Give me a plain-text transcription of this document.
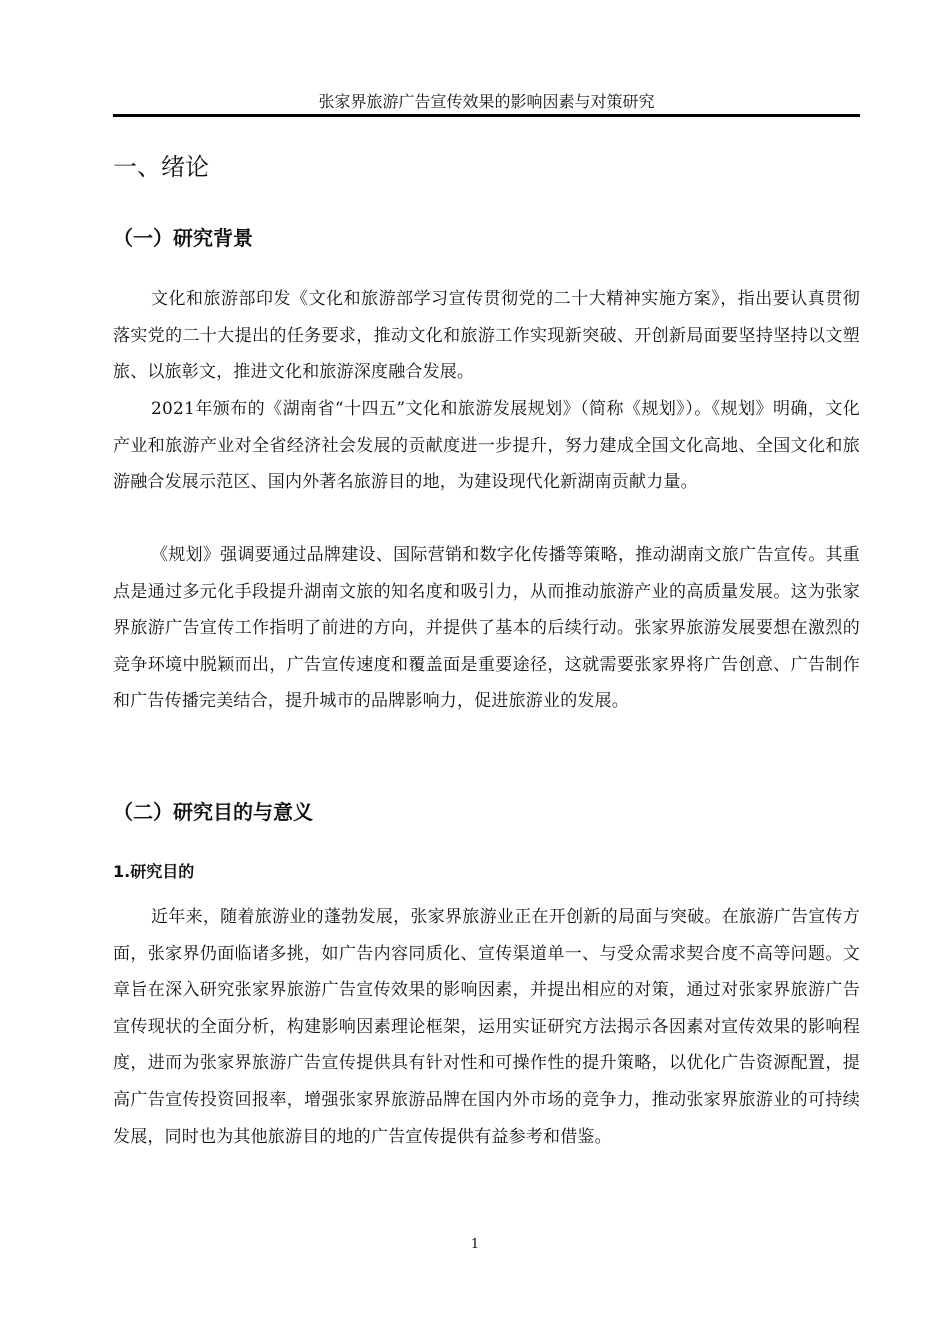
张家界旅游广告宣传效果的影响因素与对策研究
一、绪论
（一）研究背景

文化和旅游部印发《文化和旅游部学习宣传贯彻党的二十大精神实施方案》，指出要认真贯彻落实党的二十大提出的任务要求，推动文化和旅游工作实现新突破、开创新局面要坚持坚持以文塑旅、以旅彰文，推进文化和旅游深度融合发展。

2021年颁布的《湖南省“十四五”文化和旅游发展规划》（简称《规划》）。《规划》明确，文化产业和旅游产业对全省经济社会发展的贡献度进一步提升，努力建成全国文化高地、全国文化和旅游融合发展示范区、国内外著名旅游目的地，为建设现代化新湖南贡献力量。

《规划》强调要通过品牌建设、国际营销和数字化传播等策略，推动湖南文旅广告宣传。其重点是通过多元化手段提升湖南文旅的知名度和吸引力，从而推动旅游产业的高质量发展。这为张家界旅游广告宣传工作指明了前进的方向，并提供了基本的后续行动。张家界旅游发展要想在激烈的竞争环境中脱颖而出，广告宣传速度和覆盖面是重要途径，这就需要张家界将广告创意、广告制作和广告传播完美结合，提升城市的品牌影响力，促进旅游业的发展。

（二）研究目的与意义
1.研究目的

近年来，随着旅游业的蓬勃发展，张家界旅游业正在开创新的局面与突破。在旅游广告宣传方面，张家界仍面临诸多挑，如广告内容同质化、宣传渠道单一、与受众需求契合度不高等问题。文章旨在深入研究张家界旅游广告宣传效果的影响因素，并提出相应的对策，通过对张家界旅游广告宣传现状的全面分析，构建影响因素理论框架，运用实证研究方法揭示各因素对宣传效果的影响程度，进而为张家界旅游广告宣传提供具有针对性和可操作性的提升策略，以优化广告资源配置，提高广告宣传投资回报率，增强张家界旅游品牌在国内外市场的竞争力，推动张家界旅游业的可持续发展，同时也为其他旅游目的地的广告宣传提供有益参考和借鉴。

1
